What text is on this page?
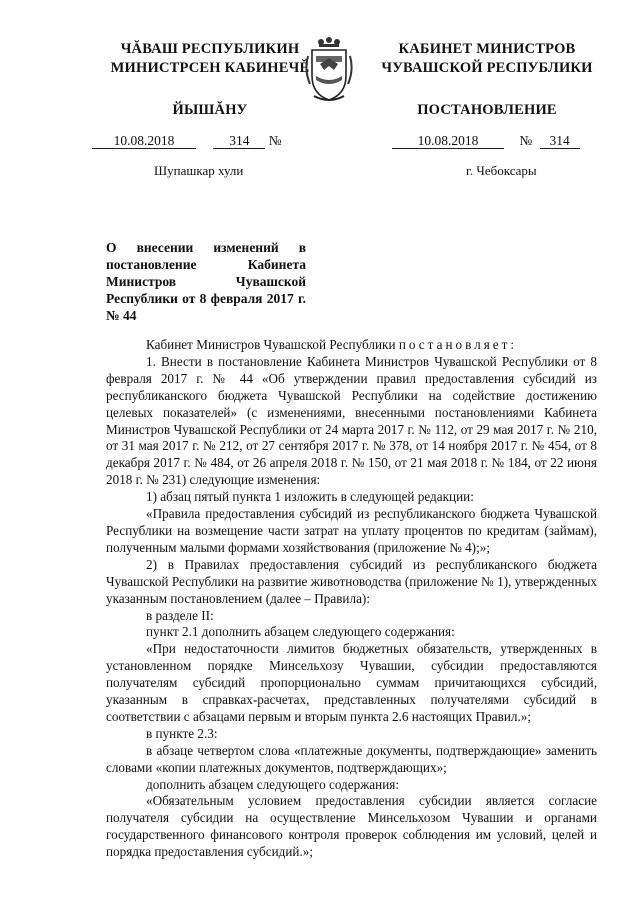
ЧĂВАШ РЕСПУБЛИКИН
МИНИСТРСЕН КАБИНЕЧĚ
ЙЫШĂНУ
КАБИНЕТ МИНИСТРОВ
ЧУВАШСКОЙ РЕСПУБЛИКИ
ПОСТАНОВЛЕНИЕ
10.08.2018	314 №	10.08.2018	№ 314
Шупашкар хули	г. Чебоксары
О внесении изменений в постановление Кабинета Министров Чувашской Республики от 8 февраля 2017 г. № 44

Кабинет Министров Чувашской Республики постановляет:

1. Внести в постановление Кабинета Министров Чувашской Республики от 8 февраля 2017 г. № 44 «Об утверждении правил предоставления субсидий из республиканского бюджета Чувашской Республики на содействие достижению целевых показателей» (с изменениями, внесенными постановлениями Кабинета Министров Чувашской Республики от 24 марта 2017 г. № 112, от 29 мая 2017 г. № 210, от 31 мая 2017 г. № 212, от 27 сентября 2017 г. № 378, от 14 ноября 2017 г. № 454, от 8 декабря 2017 г. № 484, от 26 апреля 2018 г. № 150, от 21 мая 2018 г. № 184, от 22 июня 2018 г. № 231) следующие изменения:

1) абзац пятый пункта 1 изложить в следующей редакции:

«Правила предоставления субсидий из республиканского бюджета Чувашской Республики на возмещение части затрат на уплату процентов по кредитам (займам), полученным малыми формами хозяйствования (приложение № 4);»;

2) в Правилах предоставления субсидий из республиканского бюджета Чувашской Республики на развитие животноводства (приложение № 1), утвержденных указанным постановлением (далее – Правила):

в разделе II:

пункт 2.1 дополнить абзацем следующего содержания:

«При недостаточности лимитов бюджетных обязательств, утвержденных в установленном порядке Минсельхозу Чувашии, субсидии предоставляются получателям субсидий пропорционально суммам причитающихся субсидий, указанным в справках-расчетах, представленных получателями субсидий в соответствии с абзацами первым и вторым пункта 2.6 настоящих Правил.»;

в пункте 2.3:

в абзаце четвертом слова «платежные документы, подтверждающие» заменить словами «копии платежных документов, подтверждающих»;

дополнить абзацем следующего содержания:

«Обязательным условием предоставления субсидии является согласие получателя субсидии на осуществление Минсельхозом Чувашии и органами государственного финансового контроля проверок соблюдения им условий, целей и порядка предоставления субсидий.»;
